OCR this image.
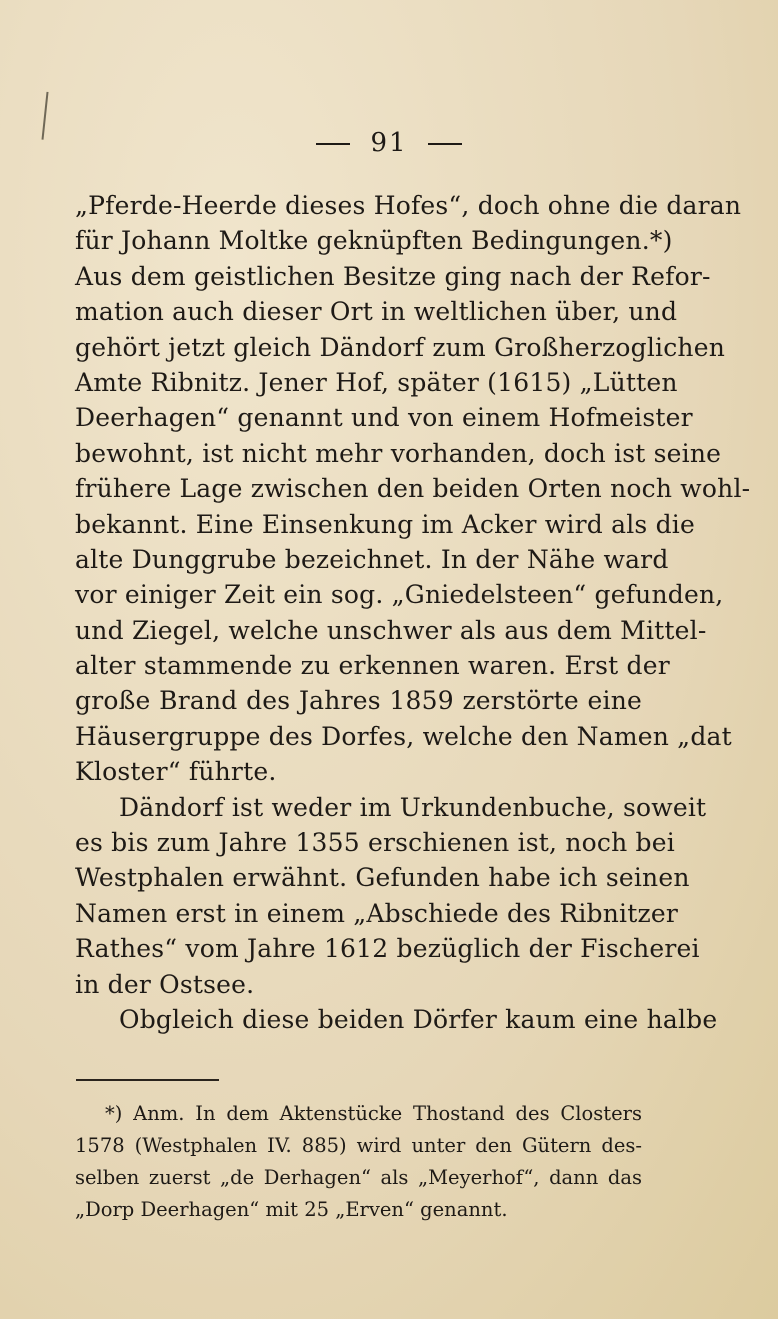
91
„Pferde-Heerde dieses Hofes“, doch ohne die daran
für Johann Moltke geknüpften Bedingungen.*)
Aus dem geistlichen Besitze ging nach der Refor-
mation auch dieser Ort in weltlichen über, und
gehört jetzt gleich Dändorf zum Großherzoglichen
Amte Ribnitz. Jener Hof, später (1615) „Lütten
Deerhagen“ genannt und von einem Hofmeister
bewohnt, ist nicht mehr vorhanden, doch ist seine
frühere Lage zwischen den beiden Orten noch wohl-
bekannt. Eine Einsenkung im Acker wird als die
alte Dunggrube bezeichnet. In der Nähe ward
vor einiger Zeit ein sog. „Gniedelsteen“ gefunden,
und Ziegel, welche unschwer als aus dem Mittel-
alter stammende zu erkennen waren. Erst der
große Brand des Jahres 1859 zerstörte eine
Häusergruppe des Dorfes, welche den Namen „dat
Kloster“ führte.
Dändorf ist weder im Urkundenbuche, soweit
es bis zum Jahre 1355 erschienen ist, noch bei
Westphalen erwähnt. Gefunden habe ich seinen
Namen erst in einem „Abschiede des Ribnitzer
Rathes“ vom Jahre 1612 bezüglich der Fischerei
in der Ostsee.
Obgleich diese beiden Dörfer kaum eine halbe
*) Anm. In dem Aktenstücke Thostand des Closters
1578 (Westphalen IV. 885) wird unter den Gütern des-
selben zuerst „de Derhagen“ als „Meyerhof“, dann das
„Dorp Deerhagen“ mit 25 „Erven“ genannt.
